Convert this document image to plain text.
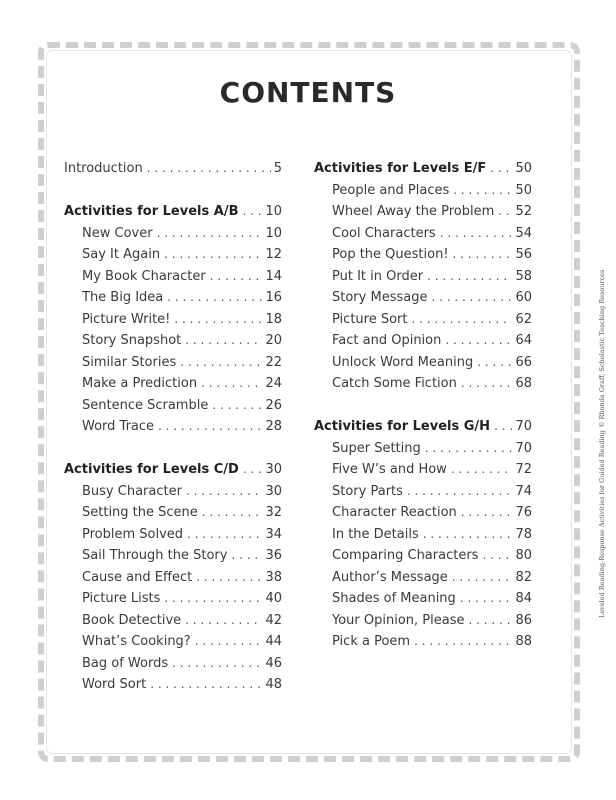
CONTENTS
Introduction . . .	5
Activities for Levels A/B . . .	10
New Cover . . .	10
Say It Again . . .	12
My Book Character . . .	14
The Big Idea . . .	16
Picture Write! . . .	18
Story Snapshot . . .	20
Similar Stories . . .	22
Make a Prediction . . .	24
Sentence Scramble . . .	26
Word Trace . . .	28
Activities for Levels C/D . . .	30
Busy Character . . .	30
Setting the Scene . . .	32
Problem Solved . . .	34
Sail Through the Story . . .	36
Cause and Effect . . .	38
Picture Lists . . .	40
Book Detective . . .	42
What’s Cooking? . . .	44
Bag of Words . . .	46
Word Sort . . .	48
Activities for Levels E/F . . .	50
People and Places . . .	50
Wheel Away the Problem . . .	52
Cool Characters . . .	54
Pop the Question! . . .	56
Put It in Order . . .	58
Story Message . . .	60
Picture Sort . . .	62
Fact and Opinion . . .	64
Unlock Word Meaning . . .	66
Catch Some Fiction . . .	68
Activities for Levels G/H . . .	70
Super Setting . . .	70
Five W’s and How . . .	72
Story Parts . . .	74
Character Reaction . . .	76
In the Details . . .	78
Comparing Characters . . .	80
Author’s Message . . .	82
Shades of Meaning . . .	84
Your Opinion, Please . . .	86
Pick a Poem . . .	88
Leveled Reading-Response Activities for Guided Reading © Rhonda Graff, Scholastic Teaching Resources
